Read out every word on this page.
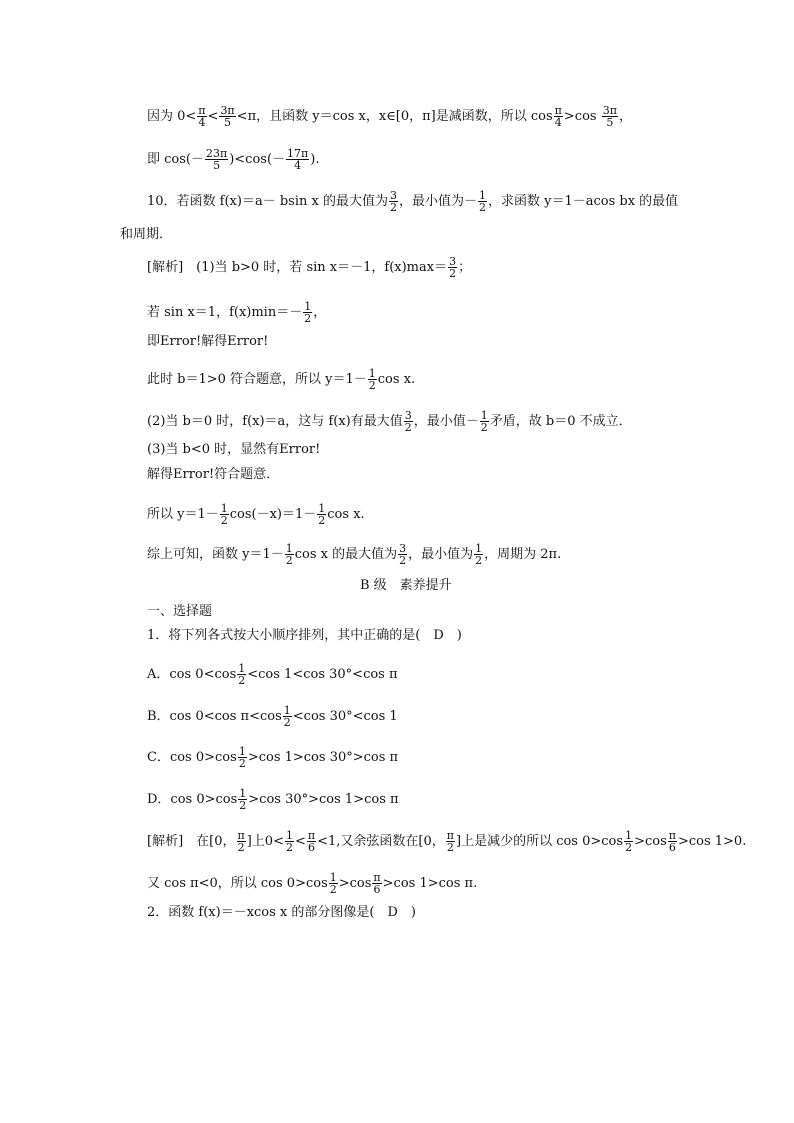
因为 $0< \frac{\pi}{4} < \frac{3\pi}{5} <\pi$，且函数 y＝cos x，x∈[0，π]是减函数，所以 $\cos \frac{\pi}{4} >\cos \frac{3\pi}{5}$ ，
即 $\cos(- \frac{23\pi}{5} )<\cos(- \frac{17\pi}{4}$ ).
10．若函数 f(x)＝a－ bsin x 的最大值为 $\frac{3}{2}$ ，最小值为－ $\frac{1}{2}$ ，求函数 y＝1－acos bx 的最值
和周期．
[解析]　(1)当 b>0 时，若 sin x＝－1，$f(x)\max= \frac{3}{2}$ ；
若 sin x＝1，$f(x)\min=- \frac{1}{2}$ ，
即Error!解得Error!
此时 b＝1>0 符合题意，所以 $y=1- \frac{1}{2}$ cos x.
(2)当 b＝0 时，f(x)＝a，这与 f(x)有最大值 $\frac{3}{2}$ ，最小值－ $\frac{1}{2}$ 矛盾，故 b＝0 不成立．
(3)当 b<0 时，显然有Error!
解得Error!符合题意．
所以 $y=1- \frac{1}{2} \cos(-x)=1- \frac{1}{2}$ cos x.
综上可知，函数 $y=1- \frac{1}{2}$ cos x 的最大值为 $\frac{3}{2}$ ，最小值为 $\frac{1}{2}$ ，周期为 2π.
B 级　素养提升
一、选择题
1．将下列各式按大小顺序排列，其中正确的是(　D　)
A．$\cos 0<\cos \frac{1}{2} <\cos$ 1<cos 30°<cos π
B．cos 0<cos $\pi<\cos \frac{1}{2} <\cos$ 30°<cos 1
C．$\cos 0>\cos \frac{1}{2} >\cos$ 1>cos 30°>cos π
D．$\cos 0>\cos \frac{1}{2} >\cos$ 30°>cos 1>cos π
[解析]　在[0， $\frac{\pi}{2}$ ]上$0< \frac{1}{2} < \frac{\pi}{6} <1$,又余弦函数在[0， $\frac{\pi}{2}$ ]上是减少的所以 $\cos 0>\cos \frac{1}{2} >\cos \frac{\pi}{6} >\cos$ 1>0.
又 cos π<0，所以 $\cos 0>\cos \frac{1}{2} >\cos \frac{\pi}{6} >\cos$ 1>cos π.
2．函数 f(x)＝－xcos x 的部分图像是(　D　)
